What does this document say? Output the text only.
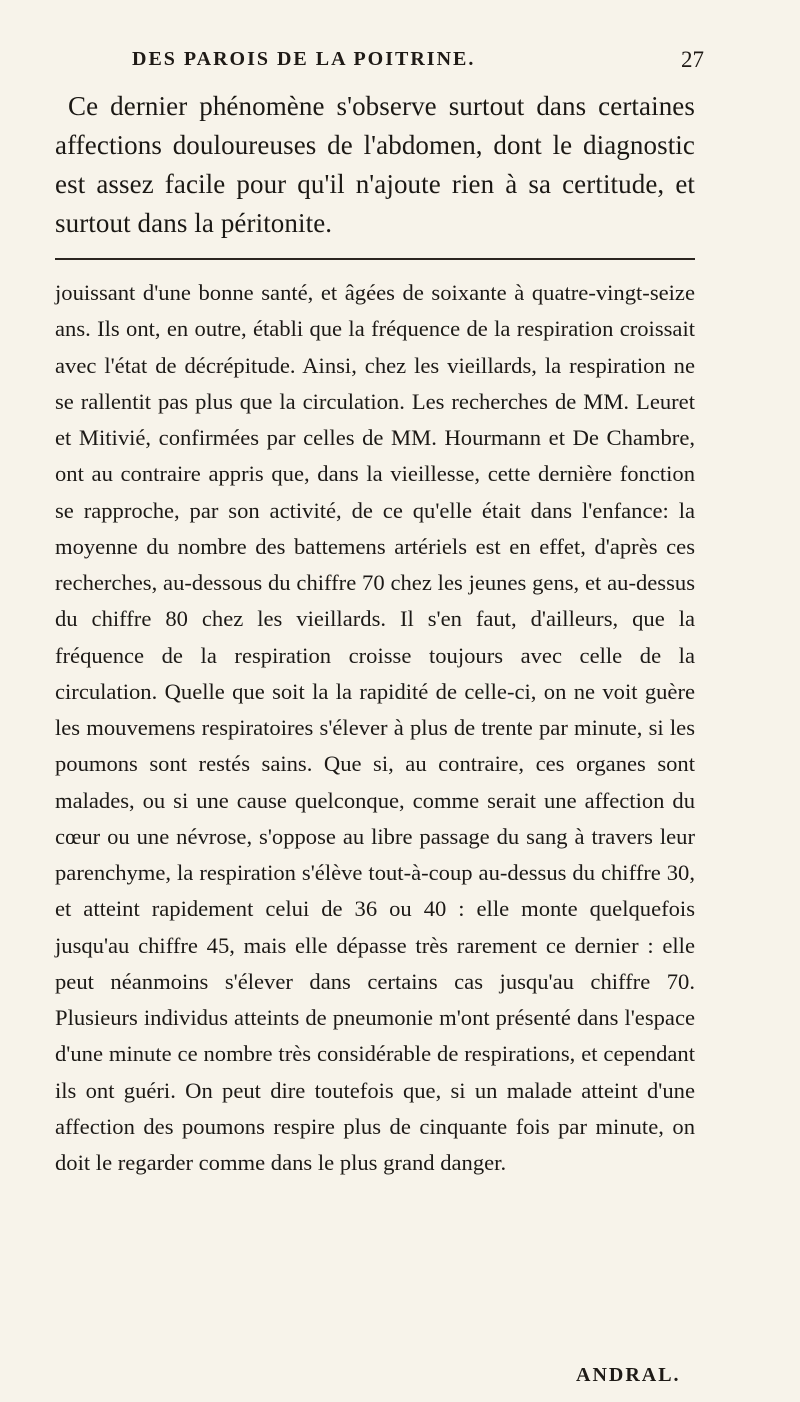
DES PAROIS DE LA POITRINE.	27

Ce dernier phénomène s'observe surtout dans certaines affections douloureuses de l'abdomen, dont le diagnostic est assez facile pour qu'il n'ajoute rien à sa certitude, et surtout dans la péritonite.

jouissant d'une bonne santé, et âgées de soixante à quatre-vingt-seize ans. Ils ont, en outre, établi que la fréquence de la respiration croissait avec l'état de décrépitude. Ainsi, chez les vieillards, la respiration ne se rallentit pas plus que la circulation. Les recherches de MM. Leuret et Mitivié, confirmées par celles de MM. Hourmann et De Chambre, ont au contraire appris que, dans la vieillesse, cette dernière fonction se rapproche, par son activité, de ce qu'elle était dans l'enfance: la moyenne du nombre des battemens artériels est en effet, d'après ces recherches, au-dessous du chiffre 70 chez les jeunes gens, et au-dessus du chiffre 80 chez les vieillards. Il s'en faut, d'ailleurs, que la fréquence de la respiration croisse toujours avec celle de la circulation. Quelle que soit la la rapidité de celle-ci, on ne voit guère les mouvemens respiratoires s'élever à plus de trente par minute, si les poumons sont restés sains. Que si, au contraire, ces organes sont malades, ou si une cause quelconque, comme serait une affection du cœur ou une névrose, s'oppose au libre passage du sang à travers leur parenchyme, la respiration s'élève tout-à-coup au-dessus du chiffre 30, et atteint rapidement celui de 36 ou 40 : elle monte quelquefois jusqu'au chiffre 45, mais elle dépasse très rarement ce dernier : elle peut néanmoins s'élever dans certains cas jusqu'au chiffre 70. Plusieurs individus atteints de pneumonie m'ont présenté dans l'espace d'une minute ce nombre très considérable de respirations, et cependant ils ont guéri. On peut dire toutefois que, si un malade atteint d'une affection des poumons respire plus de cinquante fois par minute, on doit le regarder comme dans le plus grand danger.

ANDRAL.
